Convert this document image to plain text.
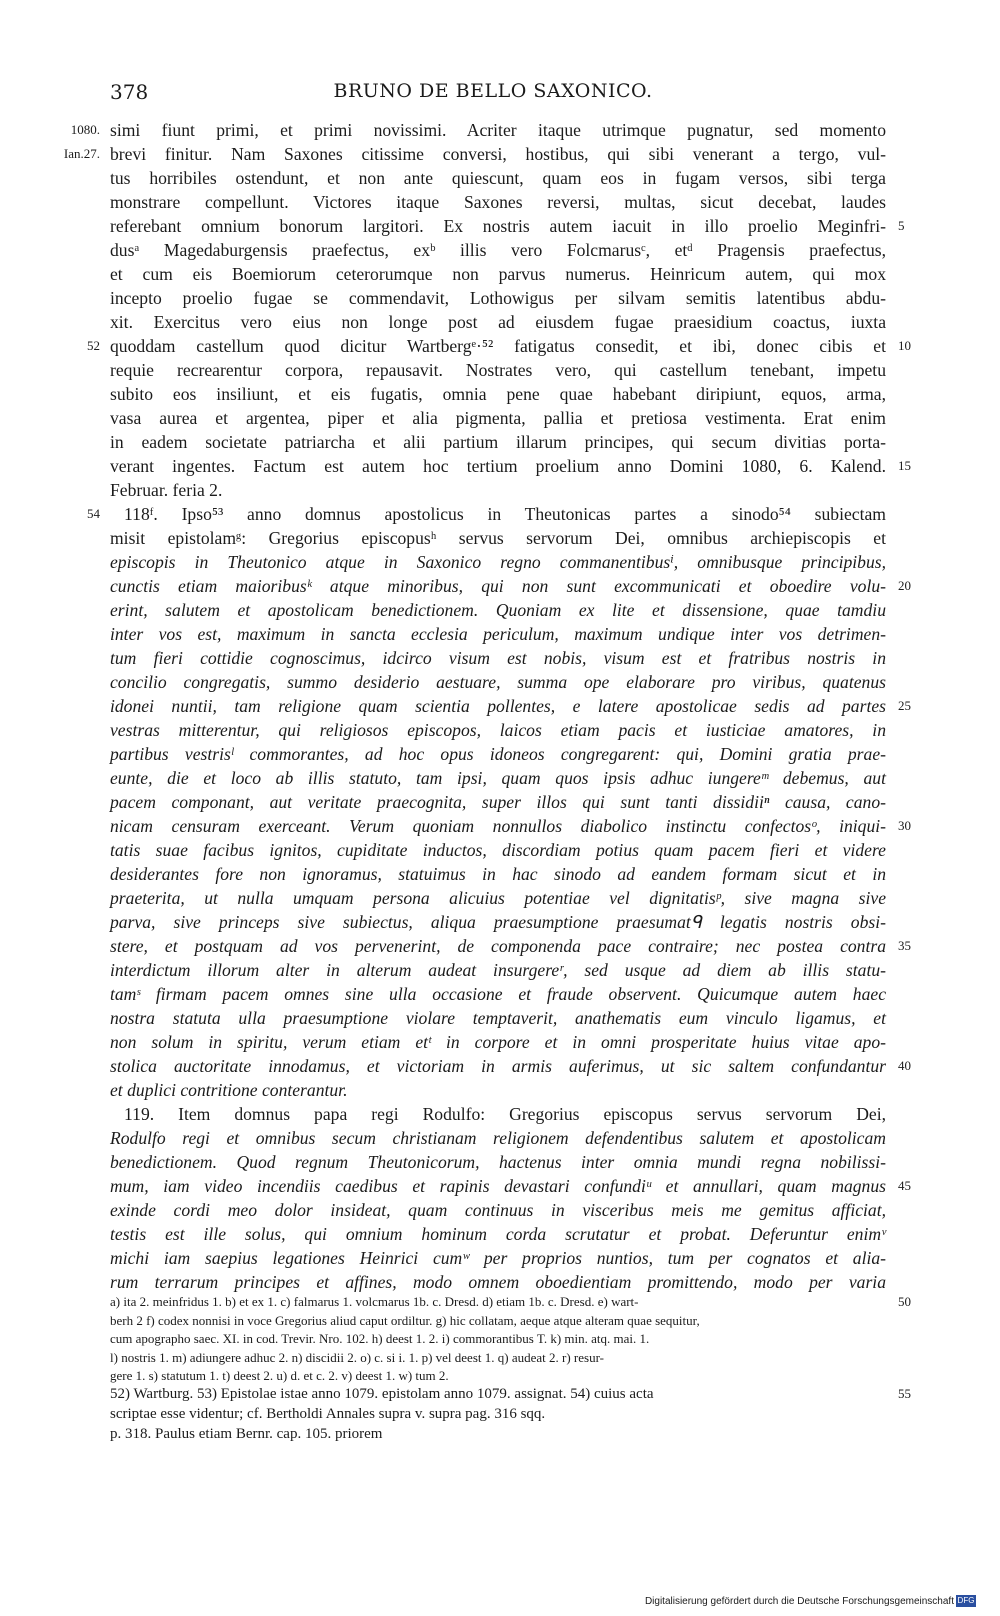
378	BRUNO DE BELLO SAXONICO.
simi fiunt primi, et primi novissimi. Acriter itaque utrimque pugnatur, sed momento
1080.
brevi finitur. Nam Saxones citissime conversi, hostibus, qui sibi venerant a tergo, vul-
Ian.27.
tus horribiles ostendunt, et non ante quiescunt, quam eos in fugam versos, sibi terga
monstrare compellunt. Victores itaque Saxones reversi, multas, sicut decebat, laudes
referebant omnium bonorum largitori. Ex nostris autem iacuit in illo proelio Meginfri- 5
dusᵃ Magedaburgensis praefectus, exᵇ illis vero Folcmarusᶜ, etᵈ Pragensis praefectus,
et cum eis Boemiorum ceterorumque non parvus numerus. Heinricum autem, qui mox
incepto proelio fugae se commendavit, Lothowigus per silvam semitis latentibus abdu-
xit. Exercitus vero eius non longe post ad eiusdem fugae praesidium coactus, iuxta
quoddam castellum quod dicitur Wartbergᵉ·⁵² fatigatus consedit, et ibi, donec cibis et
52	10
requie recrearentur corpora, repausavit. Nostrates vero, qui castellum tenebant, impetu
subito eos insiliunt, et eis fugatis, omnia pene quae habebant diripiunt, equos, arma,
vasa aurea et argentea, piper et alia pigmenta, pallia et pretiosa vestimenta. Erat enim
in eadem societate patriarcha et alii partium illarum principes, qui secum divitias porta-
verant ingentes. Factum est autem hoc tertium proelium anno Domini 1080, 6. Kalend. 15
Februar. feria 2.
118ᶠ. Ipso⁵³ anno domnus apostolicus in Theutonicas partes a sinodo⁵⁴ subiectam
54
misit epistolamᵍ: Gregorius episcopusʰ servus servorum Dei, omnibus archiepiscopis et
episcopis in Theutonico atque in Saxonico regno commanentibusⁱ, omnibusque principibus,
cunctis etiam maioribusᵏ atque minoribus, qui non sunt excommunicati et oboedire volu- 20
erint, salutem et apostolicam benedictionem. Quoniam ex lite et dissensione, quae tamdiu
inter vos est, maximum in sancta ecclesia periculum, maximum undique inter vos detrimen-
tum fieri cottidie cognoscimus, idcirco visum est nobis, visum est et fratribus nostris in
concilio congregatis, summo desiderio aestuare, summa ope elaborare pro viribus, quatenus
idonei nuntii, tam religione quam scientia pollentes, e latere apostolicae sedis ad partes 25
vestras mitterentur, qui religiosos episcopos, laicos etiam pacis et iusticiae amatores, in
partibus vestrisˡ commorantes, ad hoc opus idoneos congregarent: qui, Domini gratia prae-
eunte, die et loco ab illis statuto, tam ipsi, quam quos ipsis adhuc iungereᵐ debemus, aut
pacem componant, aut veritate praecognita, super illos qui sunt tanti dissidiiⁿ causa, cano-
nicam censuram exerceant. Verum quoniam nonnullos diabolico instinctu confectosᵒ, iniqui- 30
tatis suae facibus ignitos, cupiditate inductos, discordiam potius quam pacem fieri et videre
desiderantes fore non ignoramus, statuimus in hac sinodo ad eandem formam sicut et in
praeterita, ut nulla umquam persona alicuius potentiae vel dignitatisᵖ, sive magna sive
parva, sive princeps sive subiectus, aliqua praesumptione praesumatᑫ legatis nostris obsi-
stere, et postquam ad vos pervenerint, de componenda pace contraire; nec postea contra 35
interdictum illorum alter in alterum audeat insurgereʳ, sed usque ad diem ab illis statu-
tamˢ firmam pacem omnes sine ulla occasione et fraude observent. Quicumque autem haec
nostra statuta ulla praesumptione violare temptaverit, anathematis eum vinculo ligamus, et
non solum in spiritu, verum etiam etᵗ in corpore et in omni prosperitate huius vitae apo-
stolica auctoritate innodamus, et victoriam in armis auferimus, ut sic saltem confundantur 40
et duplici contritione conterantur.
119. Item domnus papa regi Rodulfo: Gregorius episcopus servus servorum Dei,
Rodulfo regi et omnibus secum christianam religionem defendentibus salutem et apostolicam
benedictionem. Quod regnum Theutonicorum, hactenus inter omnia mundi regna nobilissi-
mum, iam video incendiis caedibus et rapinis devastari confundiᵘ et annullari, quam magnus 45
exinde cordi meo dolor insideat, quam continuus in visceribus meis me gemitus afficiat,
testis est ille solus, qui omnium hominum corda scrutatur et probat. Deferuntur enimᵛ
michi iam saepius legationes Heinrici cumʷ per proprios nuntios, tum per cognatos et alia-
rum terrarum principes et affines, modo omnem oboedientiam promittendo, modo per varia
a) ita 2. meinfridus 1. b) et ex 1. c) falmarus 1. volcmarus 1b. c. Dresd. d) etiam 1b. c. Dresd. e) wart-	50
berh 2 f) codex nonnisi in voce Gregorius aliud caput ordiltur. g) hic collatam, aeque atque alteram quae sequitur,
cum apographo saec. XI. in cod. Trevir. Nro. 102. h) deest 1. 2. i) commorantibus T. k) min. atq. mai. 1.
l) nostris 1. m) adiungere adhuc 2. n) discidii 2. o) c. si i. 1. p) vel deest 1. q) audeat 2. r) resur-
gere 1. s) statutum 1. t) deest 2. u) d. et c. 2. v) deest 1. w) tum 2.
52) Wartburg. 53) Epistolae istae anno 1079. epistolam anno 1079. assignat. 54) cuius acta	55
scriptae esse videntur; cf. Bertholdi Annales supra v. supra pag. 316 sqq.
p. 318. Paulus etiam Bernr. cap. 105. priorem
Digitalisierung gefördert durch die Deutsche Forschungsgemeinschaft DFG
